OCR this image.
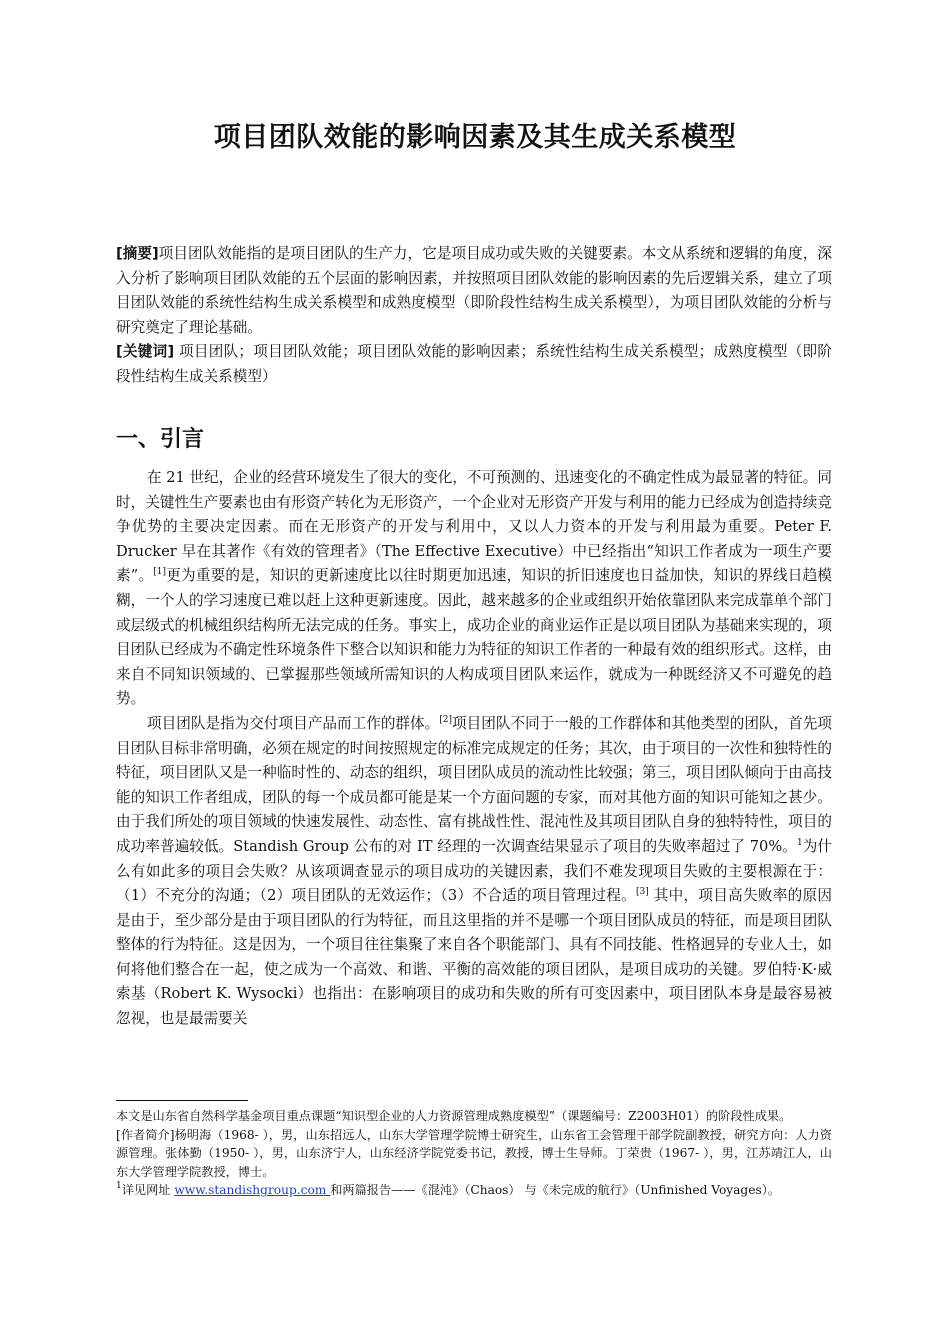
项目团队效能的影响因素及其生成关系模型

[摘要]项目团队效能指的是项目团队的生产力，它是项目成功或失败的关键要素。本文从系统和逻辑的角度，深入分析了影响项目团队效能的五个层面的影响因素，并按照项目团队效能的影响因素的先后逻辑关系，建立了项目团队效能的系统性结构生成关系模型和成熟度模型（即阶段性结构生成关系模型），为项目团队效能的分析与研究奠定了理论基础。

[关键词] 项目团队；项目团队效能；项目团队效能的影响因素；系统性结构生成关系模型；成熟度模型（即阶段性结构生成关系模型）

一、引言

在 21 世纪，企业的经营环境发生了很大的变化，不可预测的、迅速变化的不确定性成为最显著的特征。同时，关键性生产要素也由有形资产转化为无形资产，一个企业对无形资产开发与利用的能力已经成为创造持续竞争优势的主要决定因素。而在无形资产的开发与利用中，又以人力资本的开发与利用最为重要。Peter F. Drucker 早在其著作《有效的管理者》（The Effective Executive）中已经指出“知识工作者成为一项生产要素”。[1]更为重要的是，知识的更新速度比以往时期更加迅速，知识的折旧速度也日益加快，知识的界线日趋模糊，一个人的学习速度已难以赶上这种更新速度。因此，越来越多的企业或组织开始依靠团队来完成靠单个部门或层级式的机械组织结构所无法完成的任务。事实上，成功企业的商业运作正是以项目团队为基础来实现的，项目团队已经成为不确定性环境条件下整合以知识和能力为特征的知识工作者的一种最有效的组织形式。这样，由来自不同知识领域的、已掌握那些领域所需知识的人构成项目团队来运作，就成为一种既经济又不可避免的趋势。

项目团队是指为交付项目产品而工作的群体。[2]项目团队不同于一般的工作群体和其他类型的团队，首先项目团队目标非常明确，必须在规定的时间按照规定的标准完成规定的任务；其次，由于项目的一次性和独特性的特征，项目团队又是一种临时性的、动态的组织，项目团队成员的流动性比较强；第三，项目团队倾向于由高技能的知识工作者组成，团队的每一个成员都可能是某一个方面问题的专家，而对其他方面的知识可能知之甚少。由于我们所处的项目领域的快速发展性、动态性、富有挑战性性、混沌性及其项目团队自身的独特特性，项目的成功率普遍较低。Standish Group 公布的对 IT 经理的一次调查结果显示了项目的失败率超过了 70%。$^1$为什么有如此多的项目会失败？从该项调查显示的项目成功的关键因素，我们不难发现项目失败的主要根源在于：（1）不充分的沟通；（2）项目团队的无效运作；（3）不合适的项目管理过程。[3] 其中，项目高失败率的原因是由于，至少部分是由于项目团队的行为特征，而且这里指的并不是哪一个项目团队成员的特征，而是项目团队整体的行为特征。这是因为，一个项目往往集聚了来自各个职能部门、具有不同技能、性格迥异的专业人士，如何将他们整合在一起，使之成为一个高效、和谐、平衡的高效能的项目团队，是项目成功的关键。罗伯特·K·威索基（Robert K. Wysocki）也指出：在影响项目的成功和失败的所有可变因素中，项目团队本身是最容易被忽视，也是最需要关

本文是山东省自然科学基金项目重点课题“知识型企业的人力资源管理成熟度模型”（课题编号：Z2003H01）的阶段性成果。

[作者简介]杨明海（1968- ），男，山东招远人，山东大学管理学院博士研究生，山东省工会管理干部学院副教授，研究方向：人力资源管理。张体勤（1950- ），男，山东济宁人，山东经济学院党委书记，教授，博士生导师。丁荣贵（1967- ），男，江苏靖江人，山东大学管理学院教授，博士。

$^1$详见网址 www.standishgroup.com 和两篇报告——《混沌》（Chaos） 与《未完成的航行》（Unfinished Voyages）。
